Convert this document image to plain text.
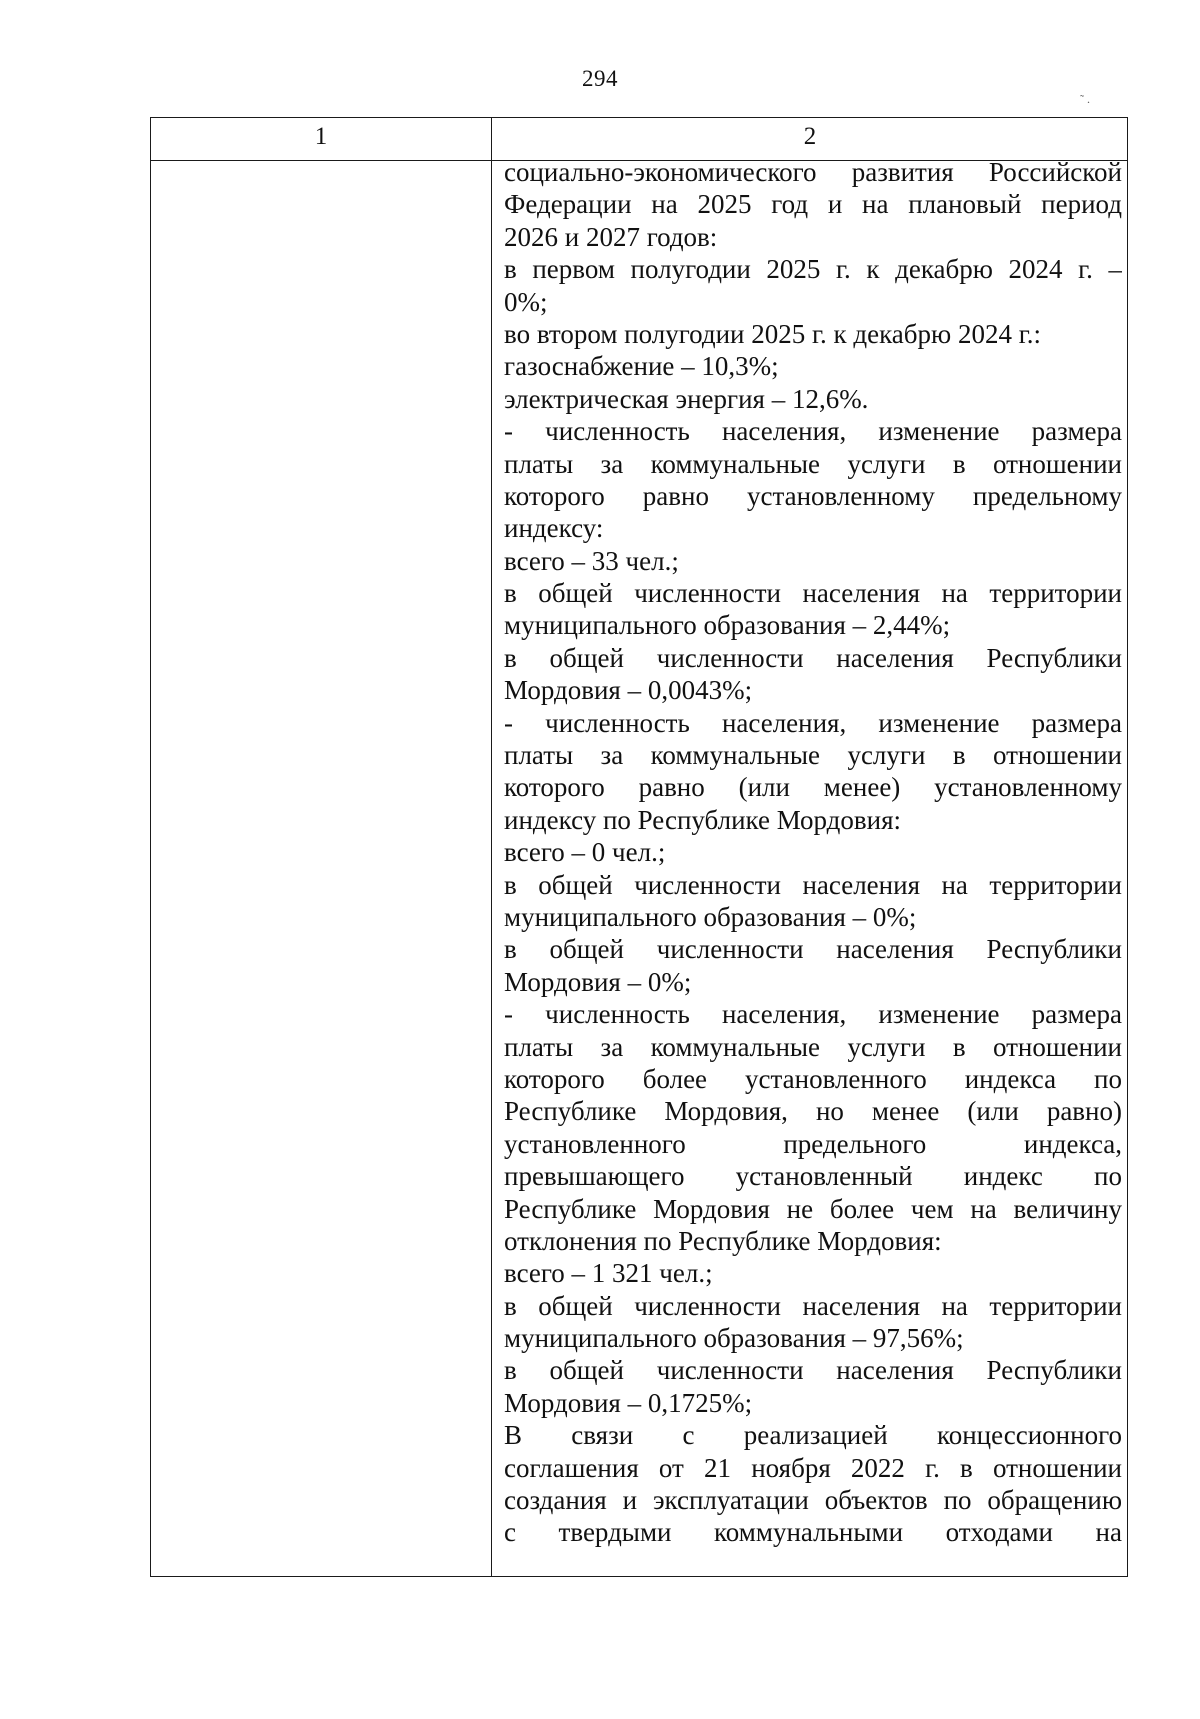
294
1	2
социально-экономического развития Российской
Федерации на 2025 год и на плановый период
2026 и 2027 годов:
в первом полугодии 2025 г. к декабрю 2024 г. –
0%;
во втором полугодии 2025 г. к декабрю 2024 г.:
газоснабжение – 10,3%;
электрическая энергия – 12,6%.
- численность населения, изменение размера
платы за коммунальные услуги в отношении
которого равно установленному предельному
индексу:
всего – 33 чел.;
в общей численности населения на территории
муниципального образования – 2,44%;
в общей численности населения Республики
Мордовия – 0,0043%;
- численность населения, изменение размера
платы за коммунальные услуги в отношении
которого равно (или менее) установленному
индексу по Республике Мордовия:
всего – 0 чел.;
в общей численности населения на территории
муниципального образования – 0%;
в общей численности населения Республики
Мордовия – 0%;
- численность населения, изменение размера
платы за коммунальные услуги в отношении
которого более установленного индекса по
Республике Мордовия, но менее (или равно)
установленного предельного индекса,
превышающего установленный индекс по
Республике Мордовия не более чем на величину
отклонения по Республике Мордовия:
всего – 1 321 чел.;
в общей численности населения на территории
муниципального образования – 97,56%;
в общей численности населения Республики
Мордовия – 0,1725%;
В связи с реализацией концессионного
соглашения от 21 ноября 2022 г. в отношении
создания и эксплуатации объектов по обращению
с твердыми коммунальными отходами на
˜ .
